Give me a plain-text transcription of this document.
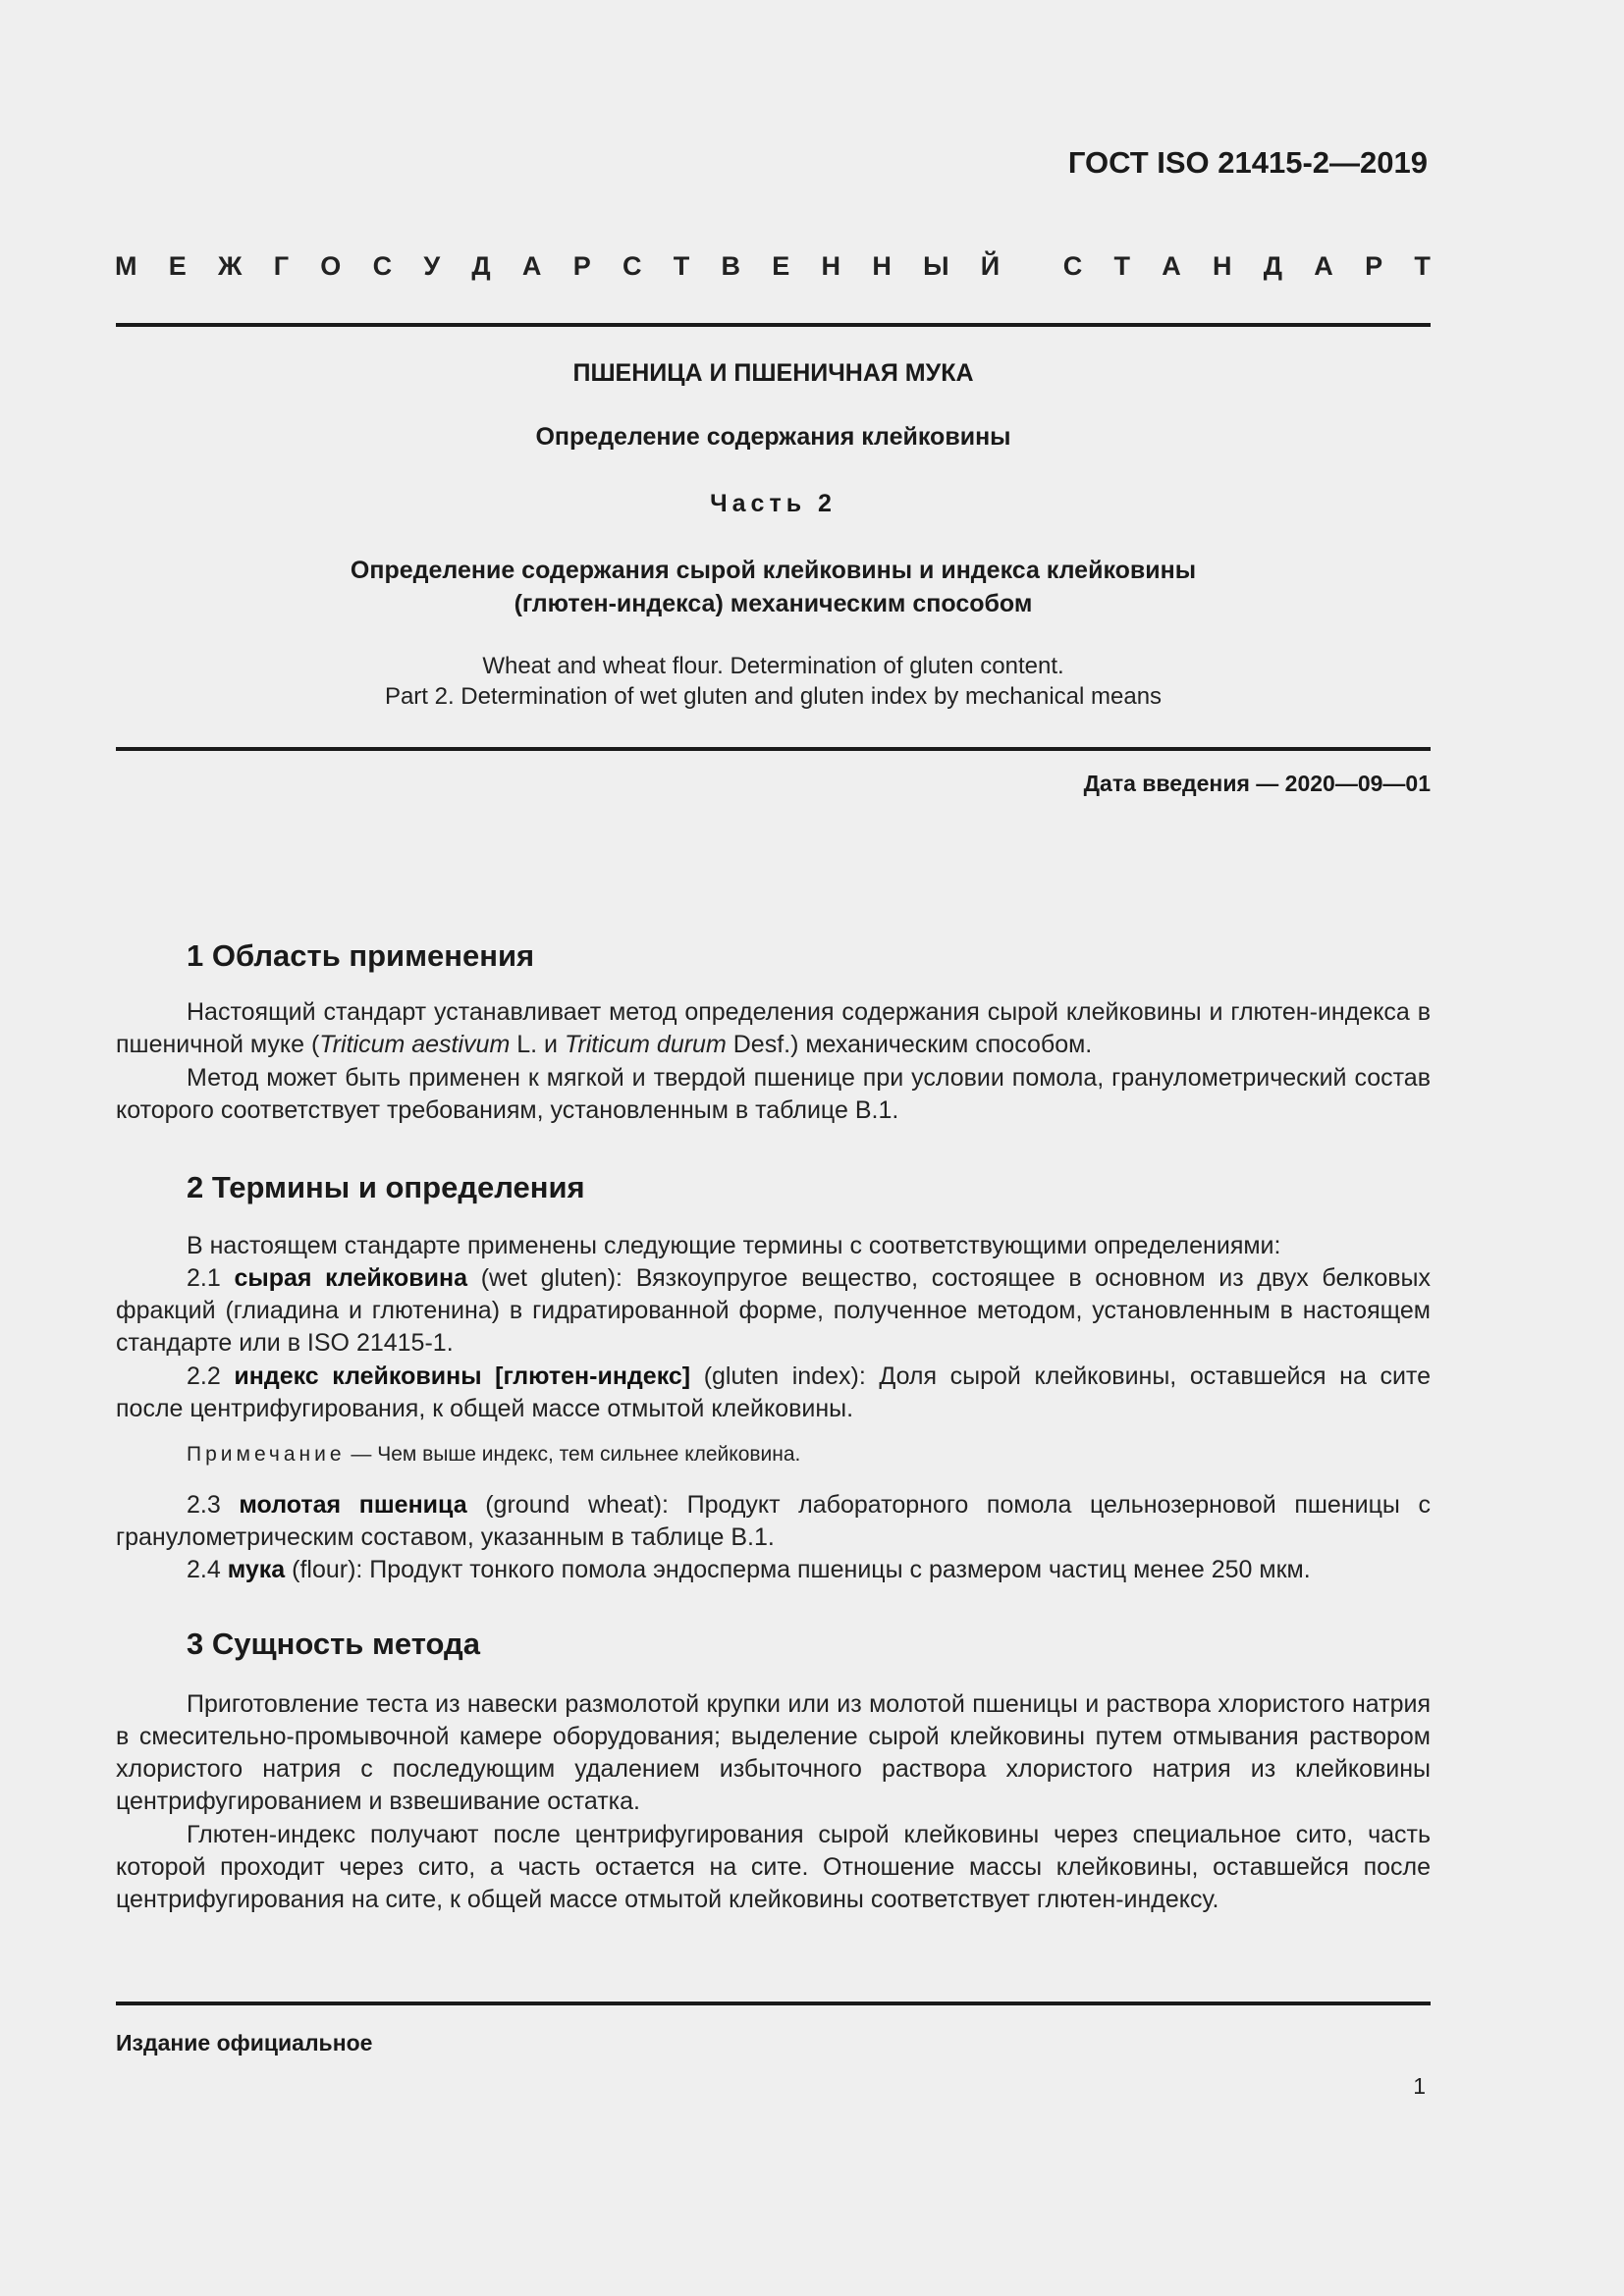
ГОСТ ISO 21415-2—2019
М Е Ж Г О С У Д А Р С Т В Е Н Н Ы Й С Т А Н Д А Р Т
ПШЕНИЦА И ПШЕНИЧНАЯ МУКА
Определение содержания клейковины
Часть 2
Определение содержания сырой клейковины и индекса клейковины
(глютен-индекса) механическим способом
Wheat and wheat flour. Determination of gluten content.
Part 2. Determination of wet gluten and gluten index by mechanical means
Дата введения — 2020—09—01
1 Область применения
Настоящий стандарт устанавливает метод определения содержания сырой клейковины и глютен-индекса в пшеничной муке (Triticum aestivum L. и Triticum durum Desf.) механическим способом.
Метод может быть применен к мягкой и твердой пшенице при условии помола, гранулометрический состав которого соответствует требованиям, установленным в таблице В.1.
2 Термины и определения
В настоящем стандарте применены следующие термины с соответствующими определениями:
2.1 сырая клейковина (wet gluten): Вязкоупругое вещество, состоящее в основном из двух белковых фракций (глиадина и глютенина) в гидратированной форме, полученное методом, установленным в настоящем стандарте или в ISO 21415-1.
2.2 индекс клейковины [глютен-индекс] (gluten index): Доля сырой клейковины, оставшейся на сите после центрифугирования, к общей массе отмытой клейковины.
Примечание — Чем выше индекс, тем сильнее клейковина.
2.3 молотая пшеница (ground wheat): Продукт лабораторного помола цельнозерновой пшеницы с гранулометрическим составом, указанным в таблице В.1.
2.4 мука (flour): Продукт тонкого помола эндосперма пшеницы с размером частиц менее 250 мкм.
3 Сущность метода
Приготовление теста из навески размолотой крупки или из молотой пшеницы и раствора хлористого натрия в смесительно-промывочной камере оборудования; выделение сырой клейковины путем отмывания раствором хлористого натрия с последующим удалением избыточного раствора хлористого натрия из клейковины центрифугированием и взвешивание остатка.
Глютен-индекс получают после центрифугирования сырой клейковины через специальное сито, часть которой проходит через сито, а часть остается на сите. Отношение массы клейковины, оставшейся после центрифугирования на сите, к общей массе отмытой клейковины соответствует глютен-индексу.
Издание официальное
1
